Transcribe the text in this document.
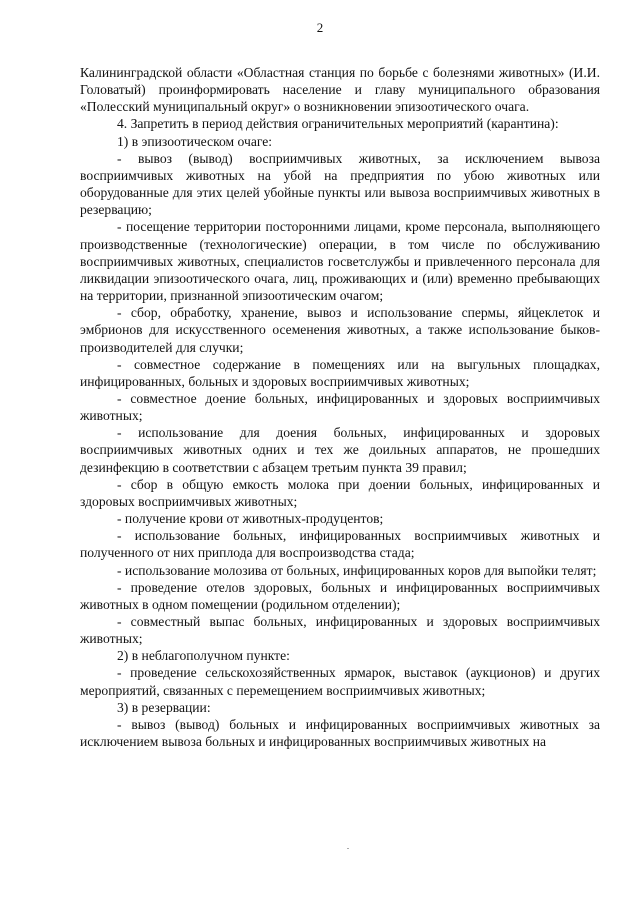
2

Калининградской области «Областная станция по борьбе с болезнями животных» (И.И. Головатый) проинформировать население и главу муниципального образования «Полесский муниципальный округ» о возникновении эпизоотического очага.

4. Запретить в период действия ограничительных мероприятий (карантина):

1) в эпизоотическом очаге:

- вывоз (вывод) восприимчивых животных, за исключением вывоза восприимчивых животных на убой на предприятия по убою животных или оборудованные для этих целей убойные пункты или вывоза восприимчивых животных в резервацию;

- посещение территории посторонними лицами, кроме персонала, выполняющего производственные (технологические) операции, в том числе по обслуживанию восприимчивых животных, специалистов госветслужбы и привлеченного персонала для ликвидации эпизоотического очага, лиц, проживающих и (или) временно пребывающих на территории, признанной эпизоотическим очагом;

- сбор, обработку, хранение, вывоз и использование спермы, яйцеклеток и эмбрионов для искусственного осеменения животных, а также использование быков-производителей для случки;

- совместное содержание в помещениях или на выгульных площадках, инфицированных, больных и здоровых восприимчивых животных;

- совместное доение больных, инфицированных и здоровых восприимчивых животных;

- использование для доения больных, инфицированных и здоровых восприимчивых животных одних и тех же доильных аппаратов, не прошедших дезинфекцию в соответствии с абзацем третьим пункта 39 правил;

- сбор в общую емкость молока при доении больных, инфицированных и здоровых восприимчивых животных;

- получение крови от животных-продуцентов;

- использование больных, инфицированных восприимчивых животных и полученного от них приплода для воспроизводства стада;

- использование молозива от больных, инфицированных коров для выпойки телят;

- проведение отелов здоровых, больных и инфицированных восприимчивых животных в одном помещении (родильном отделении);

- совместный выпас больных, инфицированных и здоровых восприимчивых животных;

2) в неблагополучном пункте:

- проведение сельскохозяйственных ярмарок, выставок (аукционов) и других мероприятий, связанных с перемещением восприимчивых животных;

3) в резервации:

- вывоз (вывод) больных и инфицированных восприимчивых животных за исключением вывоза больных и инфицированных восприимчивых животных на
